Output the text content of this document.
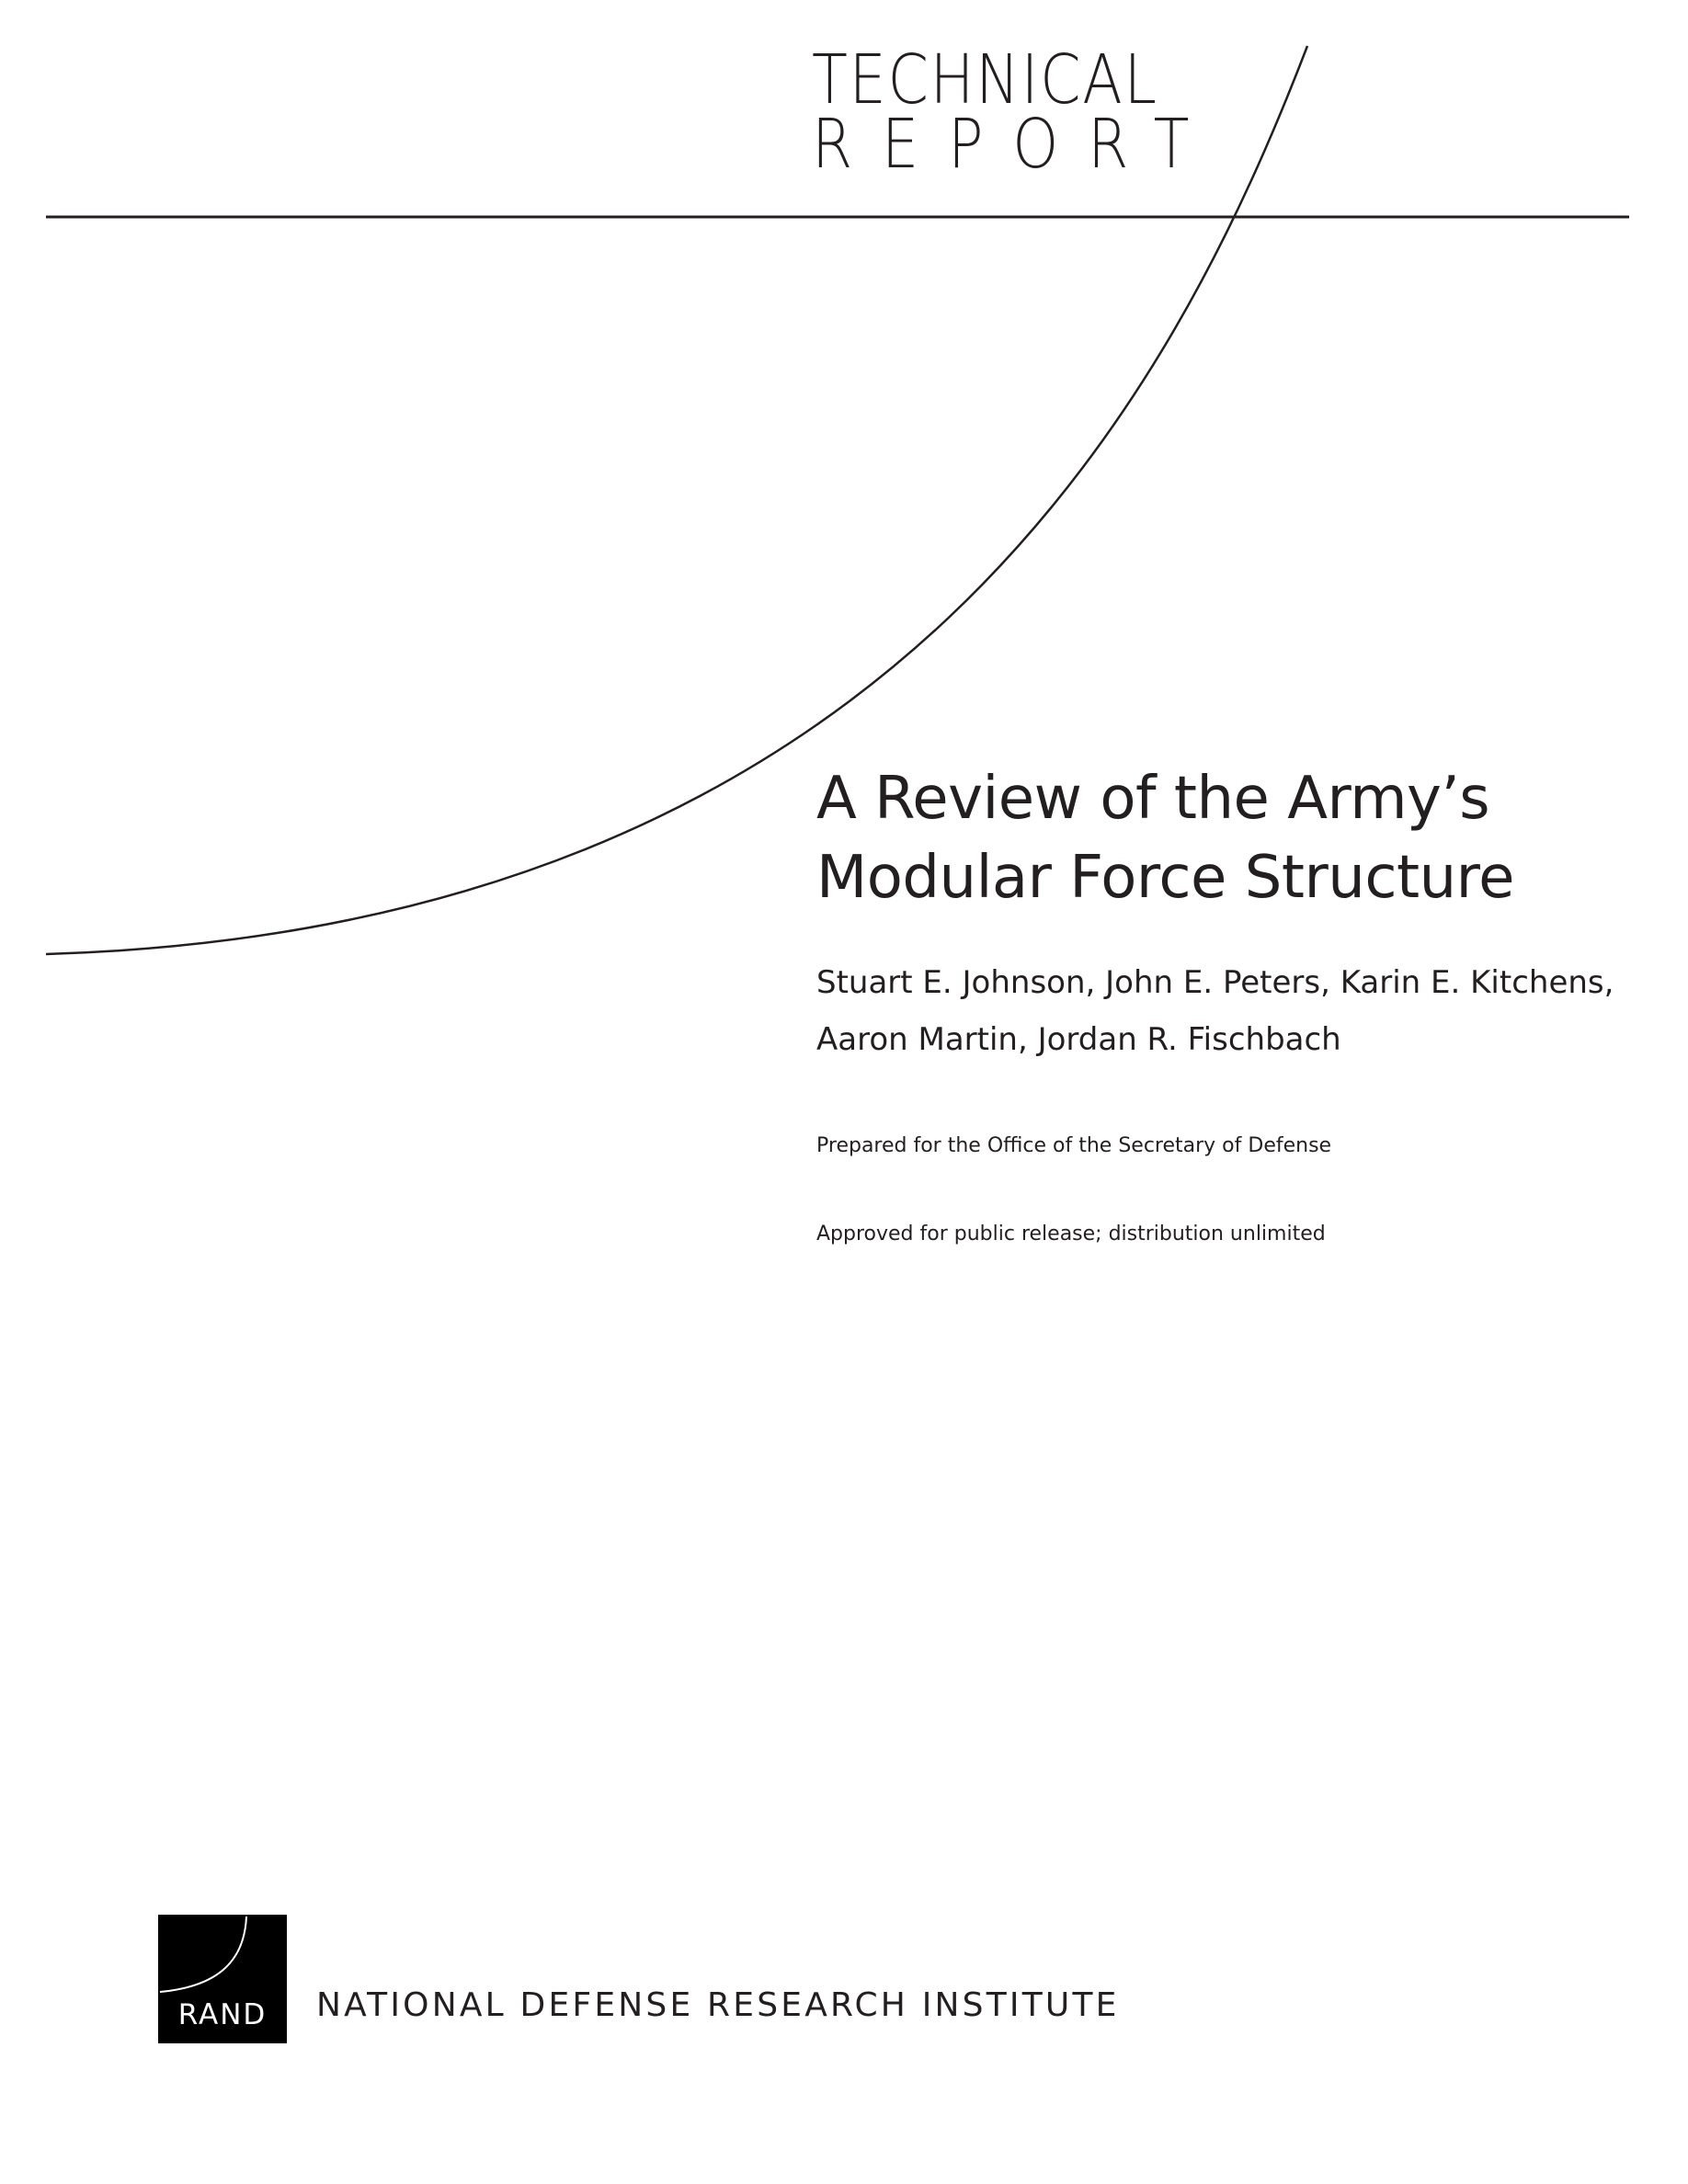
TECHNICAL
REPORT
A Review of the Army’s
Modular Force Structure

Stuart E. Johnson, John E. Peters, Karin E. Kitchens,
Aaron Martin, Jordan R. Fischbach

Prepared for the Office of the Secretary of Defense

Approved for public release; distribution unlimited

RAND	NATIONAL DEFENSE RESEARCH INSTITUTE
